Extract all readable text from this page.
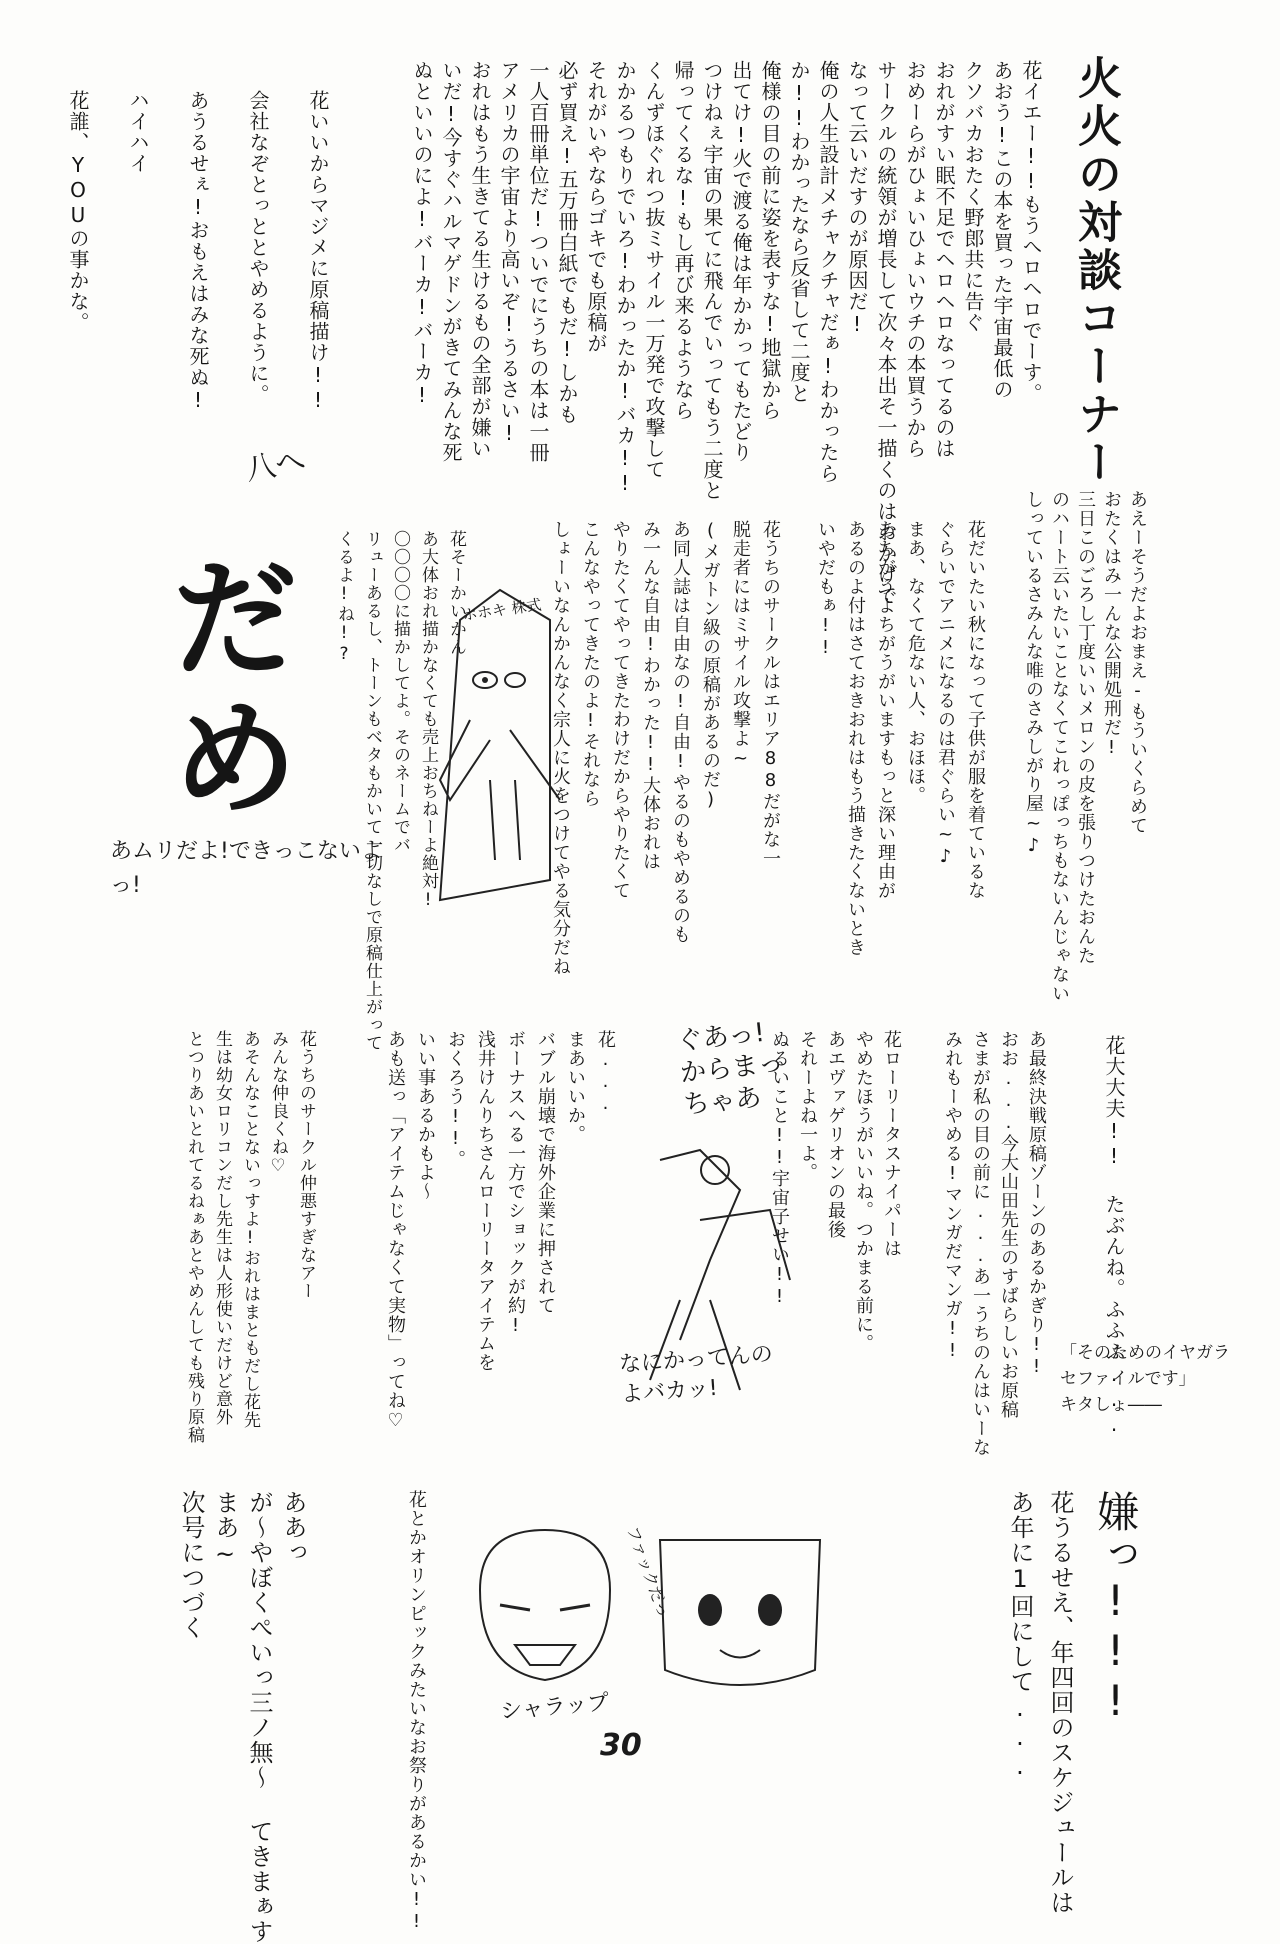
火火の対談コーナー
花イエー!!もうへロヘロでーす。
あおう!この本を買った宇宙最低の
クソバカおたく野郎共に告ぐ
おれがすい眠不足でヘロヘロなってるのは
おめーらがひょいひょいウチの本買うから
サークルの統領が増長して次々本出そ一描くのはおかげで
なって云いだすのが原因だ!
俺の人生設計メチャクチャだぁ!わかったら
か!!わかったなら反省して二度と
俺様の目の前に姿を表すな!地獄から
出てけ!火で渡る俺は年かかってもたどり
つけねぇ宇宙の果てに飛んでいってもう二度と
帰ってくるな!もし再び来るようなら
くんずほぐれつ抜ミサイル一万発で攻撃して
かかるつもりでいろ!わかったか!バカ!!
それがいやならゴキでも原稿が
必ず買え!五万冊白紙でもだ!しかも
一人百冊単位だ!ついでにうちの本は一冊
アメリカの宇宙より高いぞ!うるさい!
おれはもう生きてる生けるもの全部が嫌い
いだ!今すぐハルマゲドンがきてみんな死
ぬといいのによ!バーカ!バーカ!
花いいからマジメに原稿描け!!
会社なぞとっととやめるように。
あうるせぇ!おもえはみな死ぬ!
ハイハイ
花誰、YOUの事かな。
八へ
だめ
あムリだよ!できっこないよっ!
あえーそうだよおまえ-もういくらめて
おたくはみ一んな公開処刑だ!
三日このごろし丁度いいメロンの皮を張りつけたおんた
のハート云いたいことなくてこれっぽっちもないんじゃない
しっているさみんな唯のさみしがり屋~♪
花だいたい秋になって子供が服を着ているな
ぐらいでアニメになるのは君ぐらい~♪
まあ、なくて危ない人、おほほ。
あちがうよちがうがいますもっと深い理由が
あるのよ付はさておきおれはもう描きたくないとき
いやだもぁ!!
花うちのサークルはエリア88だがな一
脱走者にはミサイル攻撃よ~
(メガトン級の原稿があるのだ)
あ同人誌は自由なの!自由!やるのもやめるのも
み一んな自由!わかった!!大体おれは
やりたくてやってきたわけだからやりたくて
こんなやってきたのよ!それなら
しょーいなんかんなく宗人に火をつけてやる気分だね
花そーかいかん
あ大体おれ描かなくても売上おちねーよ絶対!
〇〇〇〇に描かしてよ。そのネームでバ
リューあるし、トーンもベタもかいて一切なしで原稿仕上がって
くるよ!ね!?	ホホキ 株式
花大大夫!! たぶんね。ふふふ...
あ最終決戦原稿ゾーンのあるかぎり!!
おお...今大山田先生のすばらしいお原稿
さまが私の目の前に...あ一うちのんはいーな
みれもーやめる!マンガだマンガ!!
花ローリータスナイパーは
やめたほうがいいね。つかまる前に。
あエヴァゲリオンの最後
それーよね一よ。
ぬるいこと!!宇宙子せい!!
ぐあっ!からまっちゃあ
なにかってんのよバカッ!
花...
まあいいか。
バブル崩壊で海外企業に押されて
ボーナスへる一方でショックが約!
浅井けんりちさんローリータアイテムを
おくろう!!。
いい事あるかもよ〜
あも送っ「アイテムじゃなくて実物」ってね♡
花うちのサークル仲悪すぎなアー
みんな仲良くね♡
あそんなことないっすよ!おれはまともだし花先
生は幼女ロリコンだし先生は人形使いだけど意外
とつりあいとれてるねぁあとやめんしても残り原稿
ああっ
が〜やぼくぺいっ三ノ無〜 てきまぁす
まあ~
次号につづく	花とかオリンピックみたいなお祭りがあるかい!!	ファックだっ
シャラップ	嫌っ!!!
花うるせえ、年四回のスケジュールは
あ年に1回にして...
「そのためのイヤガラセファイルです」
キタしょ――
30
